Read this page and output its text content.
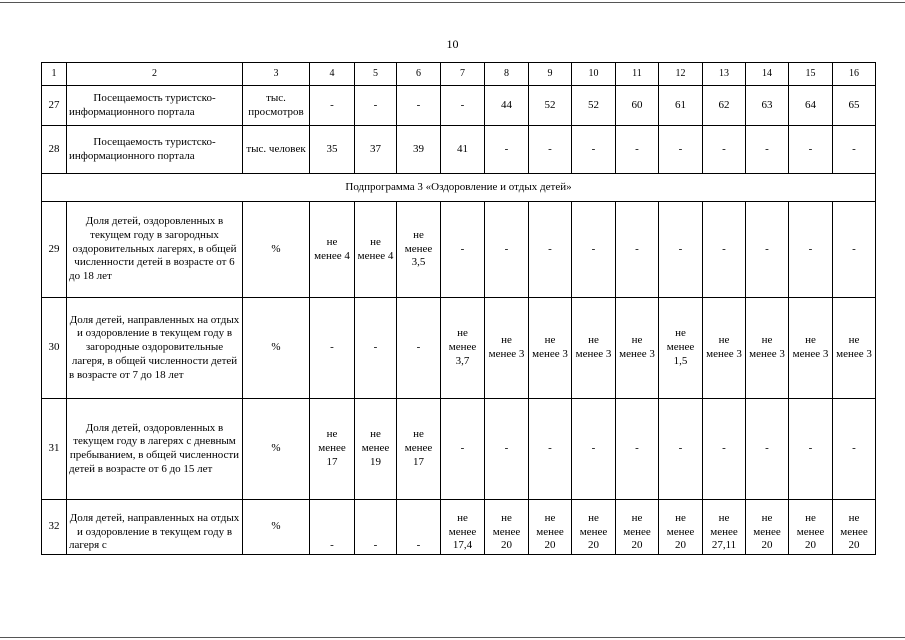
10
1	2	3	4	5	6	7	8	9	10	11	12	13	14	15	16
27	Посещаемость туристско-информационного портала	тыс. просмотров	-	-	-	-	44	52	52	60	61	62	63	64	65
28	Посещаемость туристско-информационного портала	тыс. человек	35	37	39	41	-	-	-	-	-	-	-	-	-
Подпрограмма 3 «Оздоровление и отдых детей»															
29	Доля детей, оздоровленных в текущем году в загородных оздоровительных лагерях, в общей численности детей в возрасте от 6 до 18 лет	%	не менее 4	не менее 4	не менее 3,5	-	-	-	-	-	-	-	-	-	-
30	Доля детей, направленных на отдых и оздоровление в текущем году в загородные оздоровительные лагеря, в общей численности детей в возрасте от 7 до 18 лет	%	-	-	-	не менее 3,7	не менее 3	не менее 3	не менее 3	не менее 3	не менее 1,5	не менее 3	не менее 3	не менее 3	не менее 3
31	Доля детей, оздоровленных в текущем году в лагерях с дневным пребыванием, в общей численности детей в возрасте от 6 до 15 лет	%	не менее 17	не менее 19	не менее 17	-	-	-	-	-	-	-	-	-	-
32	Доля детей, направленных на отдых и оздоровление в текущем году в лагеря с	%	-	-	-	не менее 17,4	не менее 20	не менее 20	не менее 20	не менее 20	не менее 20	не менее 27,11	не менее 20	не менее 20	не менее 20
